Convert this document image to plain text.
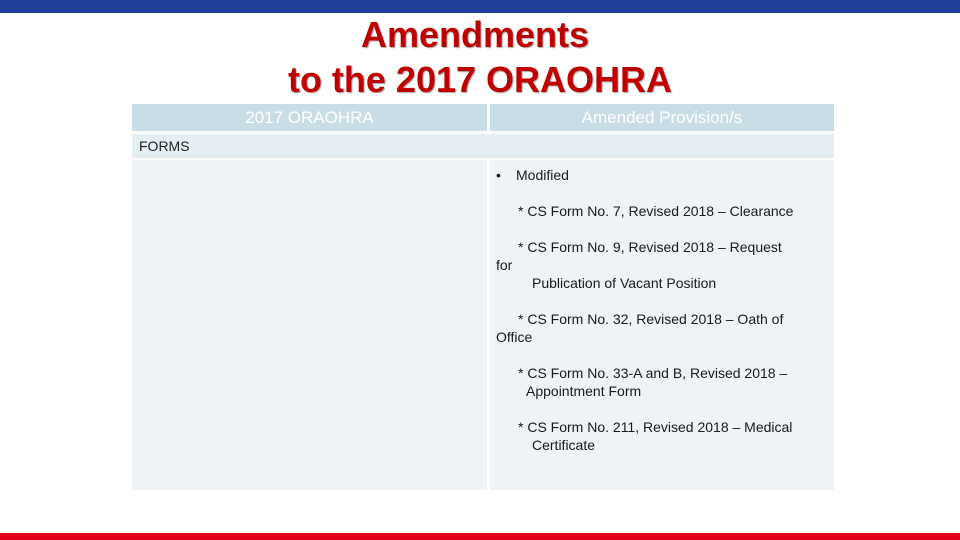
Amendments
to the 2017 ORAOHRA
2017 ORAOHRA	Amended Provision/s
FORMS
•	Modified
* CS Form No. 7, Revised 2018 – Clearance
* CS Form No. 9, Revised 2018 – Request
for
Publication of Vacant Position
* CS Form No. 32, Revised 2018 – Oath of
Office
* CS Form No. 33-A and B, Revised 2018 –
Appointment Form
* CS Form No. 211, Revised 2018 – Medical
Certificate
